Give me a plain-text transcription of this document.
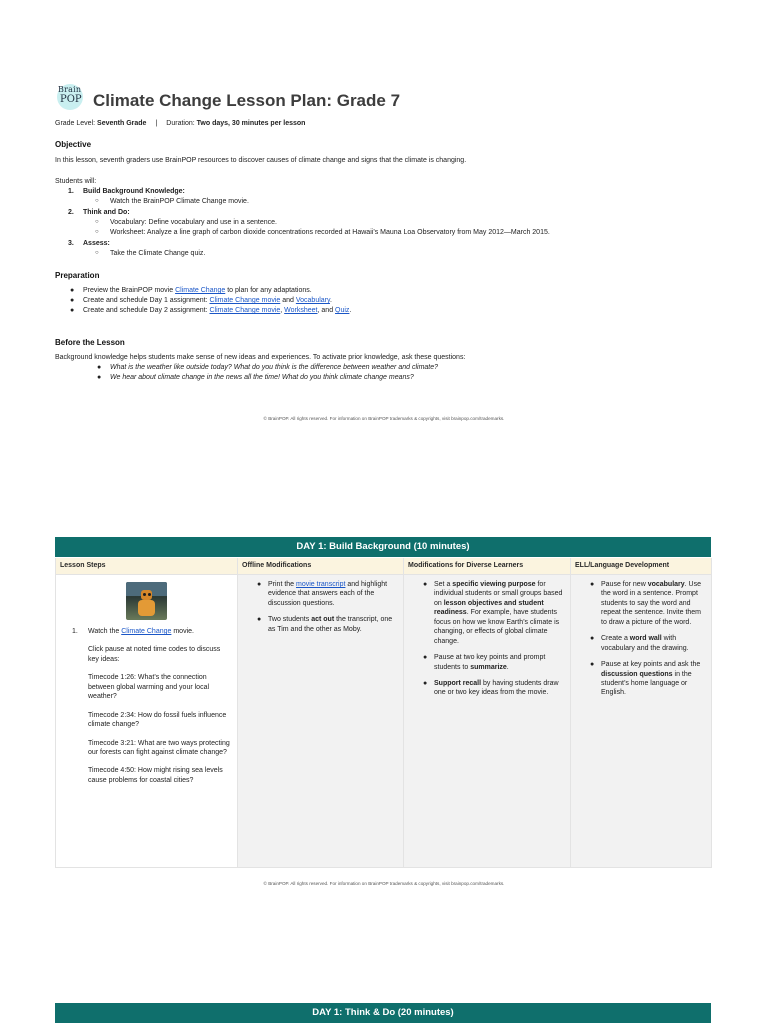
Brain
POP Climate Change Lesson Plan: Grade 7
Grade Level: Seventh Grade | Duration: Two days, 30 minutes per lesson
Objective

In this lesson, seventh graders use BrainPOP resources to discover causes of climate change and signs that the climate is changing.

Students will:

1. Build Background Knowledge:
○ Watch the BrainPOP Climate Change movie.
2. Think and Do:
○ Vocabulary: Define vocabulary and use in a sentence.
○ Worksheet: Analyze a line graph of carbon dioxide concentrations recorded at Hawaii’s Mauna Loa Observatory from May 2012—March 2015.
3. Assess:
○ Take the Climate Change quiz.
Preparation
● Preview the BrainPOP movie Climate Change to plan for any adaptations.
● Create and schedule Day 1 assignment: Climate Change movie and Vocabulary.
● Create and schedule Day 2 assignment: Climate Change movie, Worksheet, and Quiz.
Before the Lesson

Background knowledge helps students make sense of new ideas and experiences. To activate prior knowledge, ask these questions:

● What is the weather like outside today? What do you think is the difference between weather and climate?
● We hear about climate change in the news all the time! What do you think climate change means?
© BrainPOP. All rights reserved. For information on BrainPOP trademarks & copyrights, visit brainpop.com/trademarks.
DAY 1: Build Background (10 minutes)
Lesson Steps
1. Watch the Climate Change movie.

Click pause at noted time codes to discuss key ideas:

Timecode 1:26: What’s the connection between global warming and your local weather?

Timecode 2:34: How do fossil fuels influence climate change?

Timecode 3:21: What are two ways protecting our forests can fight against climate change?

Timecode 4:50: How might rising sea levels cause problems for coastal cities?

Offline Modifications

● Print the movie transcript and highlight evidence that answers each of the discussion questions.

● Two students act out the transcript, one as Tim and the other as Moby.

Modifications for Diverse Learners

● Set a specific viewing purpose for individual students or small groups based on lesson objectives and student readiness. For example, have students focus on how we know Earth’s climate is changing, or effects of global climate change.

● Pause at two key points and prompt students to summarize.

● Support recall by having students draw one or two key ideas from the movie.

ELL/Language Development

● Pause for new vocabulary. Use the word in a sentence. Prompt students to say the word and repeat the sentence. Invite them to draw a picture of the word.

● Create a word wall with vocabulary and the drawing.

● Pause at key points and ask the discussion questions in the student’s home language or English.

© BrainPOP. All rights reserved. For information on BrainPOP trademarks & copyrights, visit brainpop.com/trademarks.
DAY 1: Think & Do (20 minutes)
